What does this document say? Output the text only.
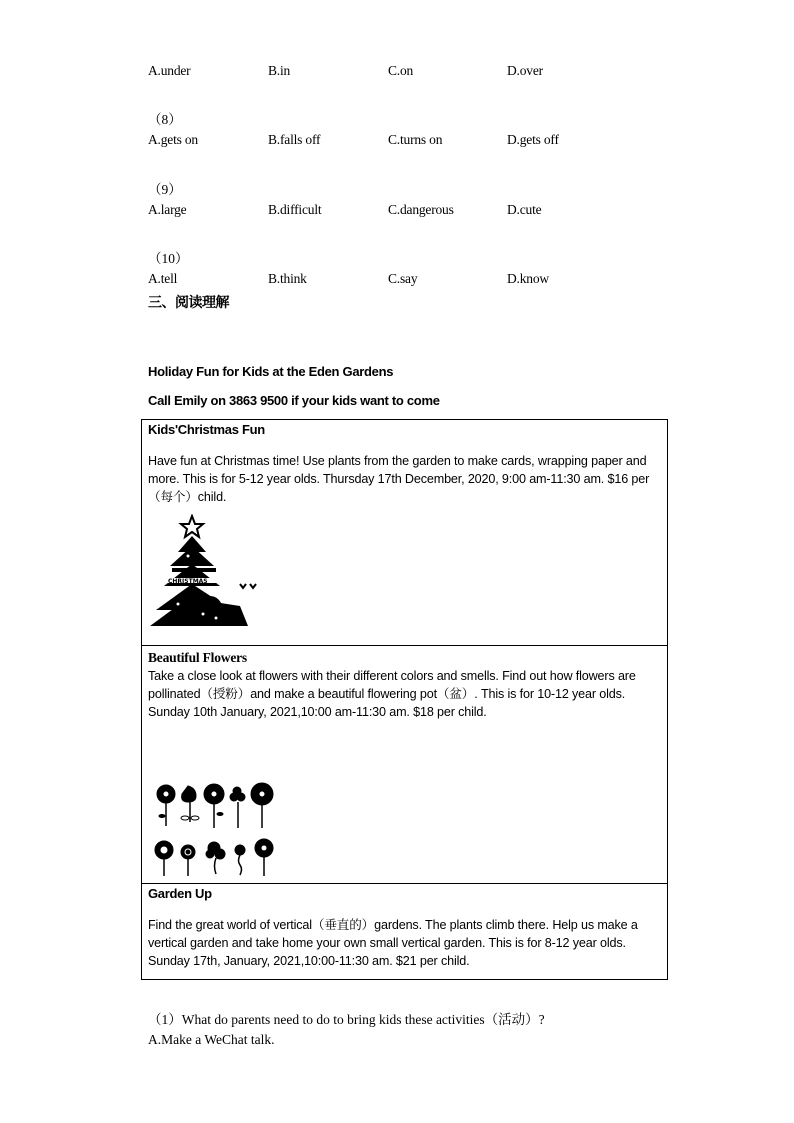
A.under	B.in	C.on	D.over
（8）
A.gets on	B.falls off	C.turns on	D.gets off
（9）
A.large	B.difficult	C.dangerous	D.cute
（10）
A.tell	B.think	C.say	D.know
三、阅读理解
Holiday Fun for Kids at the Eden Gardens
Call Emily on 3863 9500 if your kids want to come
Kids'Christmas Fun
Have fun at Christmas time! Use plants from the garden to make cards, wrapping paper and more. This is for 5-12 year olds. Thursday 17th December, 2020, 9:00 am-11:30 am. $16 per（每个）child.
CHRISTMAS
Beautiful Flowers
Take a close look at flowers with their different colors and smells. Find out how flowers are pollinated（授粉）and make a beautiful flowering pot（盆）. This is for 10-12 year olds. Sunday 10th January, 2021,10:00 am-11:30 am. $18 per child.
Garden Up
Find the great world of vertical（垂直的）gardens. The plants climb there. Help us make a vertical garden and take home your own small vertical garden. This is for 8-12 year olds. Sunday 17th, January, 2021,10:00-11:30 am. $21 per child.
（1）What do parents need to do to bring kids these activities（活动）?
A.Make a WeChat talk.
